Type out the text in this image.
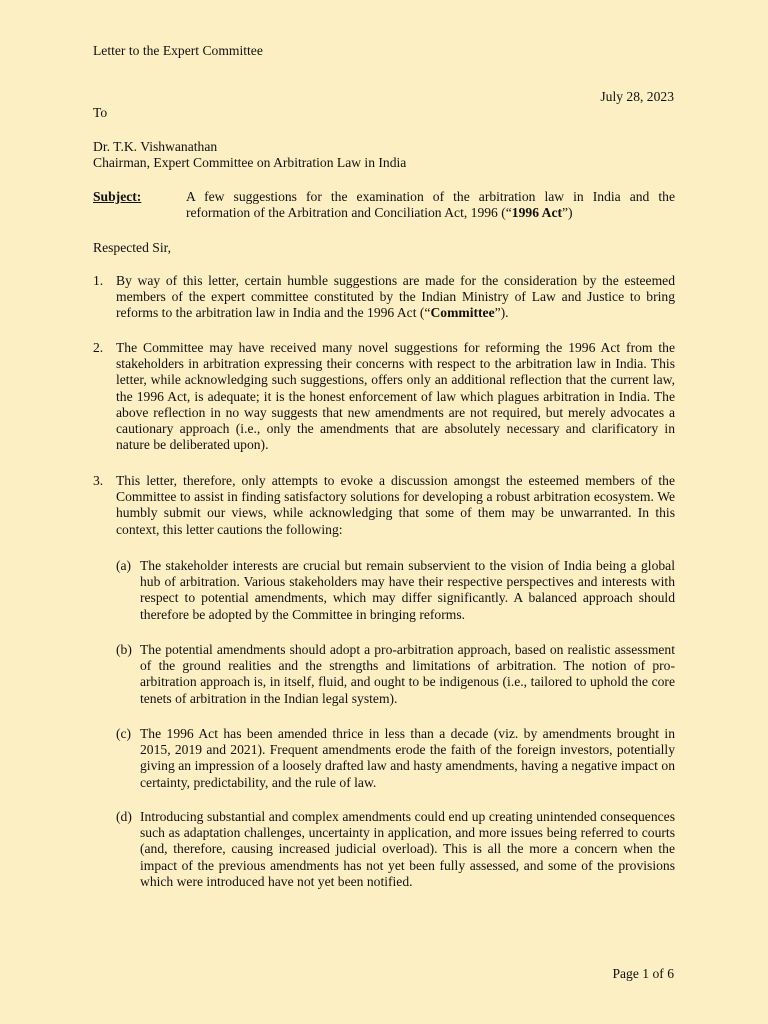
Letter to the Expert Committee
July 28, 2023
To
Dr. T.K. Vishwanathan
Chairman, Expert Committee on Arbitration Law in India
Subject:	A few suggestions for the examination of the arbitration law in India and the
reformation of the Arbitration and Conciliation Act, 1996 (“1996 Act”)
Respected Sir,
1. By way of this letter, certain humble suggestions are made for the consideration by the esteemed members of the expert committee constituted by the Indian Ministry of Law and Justice to bring reforms to the arbitration law in India and the 1996 Act (“Committee”).
2. The Committee may have received many novel suggestions for reforming the 1996 Act from the stakeholders in arbitration expressing their concerns with respect to the arbitration law in India. This letter, while acknowledging such suggestions, offers only an additional reflection that the current law, the 1996 Act, is adequate; it is the honest enforcement of law which plagues arbitration in India. The above reflection in no way suggests that new amendments are not required, but merely advocates a cautionary approach (i.e., only the amendments that are absolutely necessary and clarificatory in nature be deliberated upon).
3. This letter, therefore, only attempts to evoke a discussion amongst the esteemed members of the Committee to assist in finding satisfactory solutions for developing a robust arbitration ecosystem. We humbly submit our views, while acknowledging that some of them may be unwarranted. In this context, this letter cautions the following:
(a) The stakeholder interests are crucial but remain subservient to the vision of India being a global hub of arbitration. Various stakeholders may have their respective perspectives and interests with respect to potential amendments, which may differ significantly. A balanced approach should therefore be adopted by the Committee in bringing reforms.
(b) The potential amendments should adopt a pro-arbitration approach, based on realistic assessment of the ground realities and the strengths and limitations of arbitration. The notion of pro-arbitration approach is, in itself, fluid, and ought to be indigenous (i.e., tailored to uphold the core tenets of arbitration in the Indian legal system).
(c) The 1996 Act has been amended thrice in less than a decade (viz. by amendments brought in 2015, 2019 and 2021). Frequent amendments erode the faith of the foreign investors, potentially giving an impression of a loosely drafted law and hasty amendments, having a negative impact on certainty, predictability, and the rule of law.
(d) Introducing substantial and complex amendments could end up creating unintended consequences such as adaptation challenges, uncertainty in application, and more issues being referred to courts (and, therefore, causing increased judicial overload). This is all the more a concern when the impact of the previous amendments has not yet been fully assessed, and some of the provisions which were introduced have not yet been notified.
Page 1 of 6
